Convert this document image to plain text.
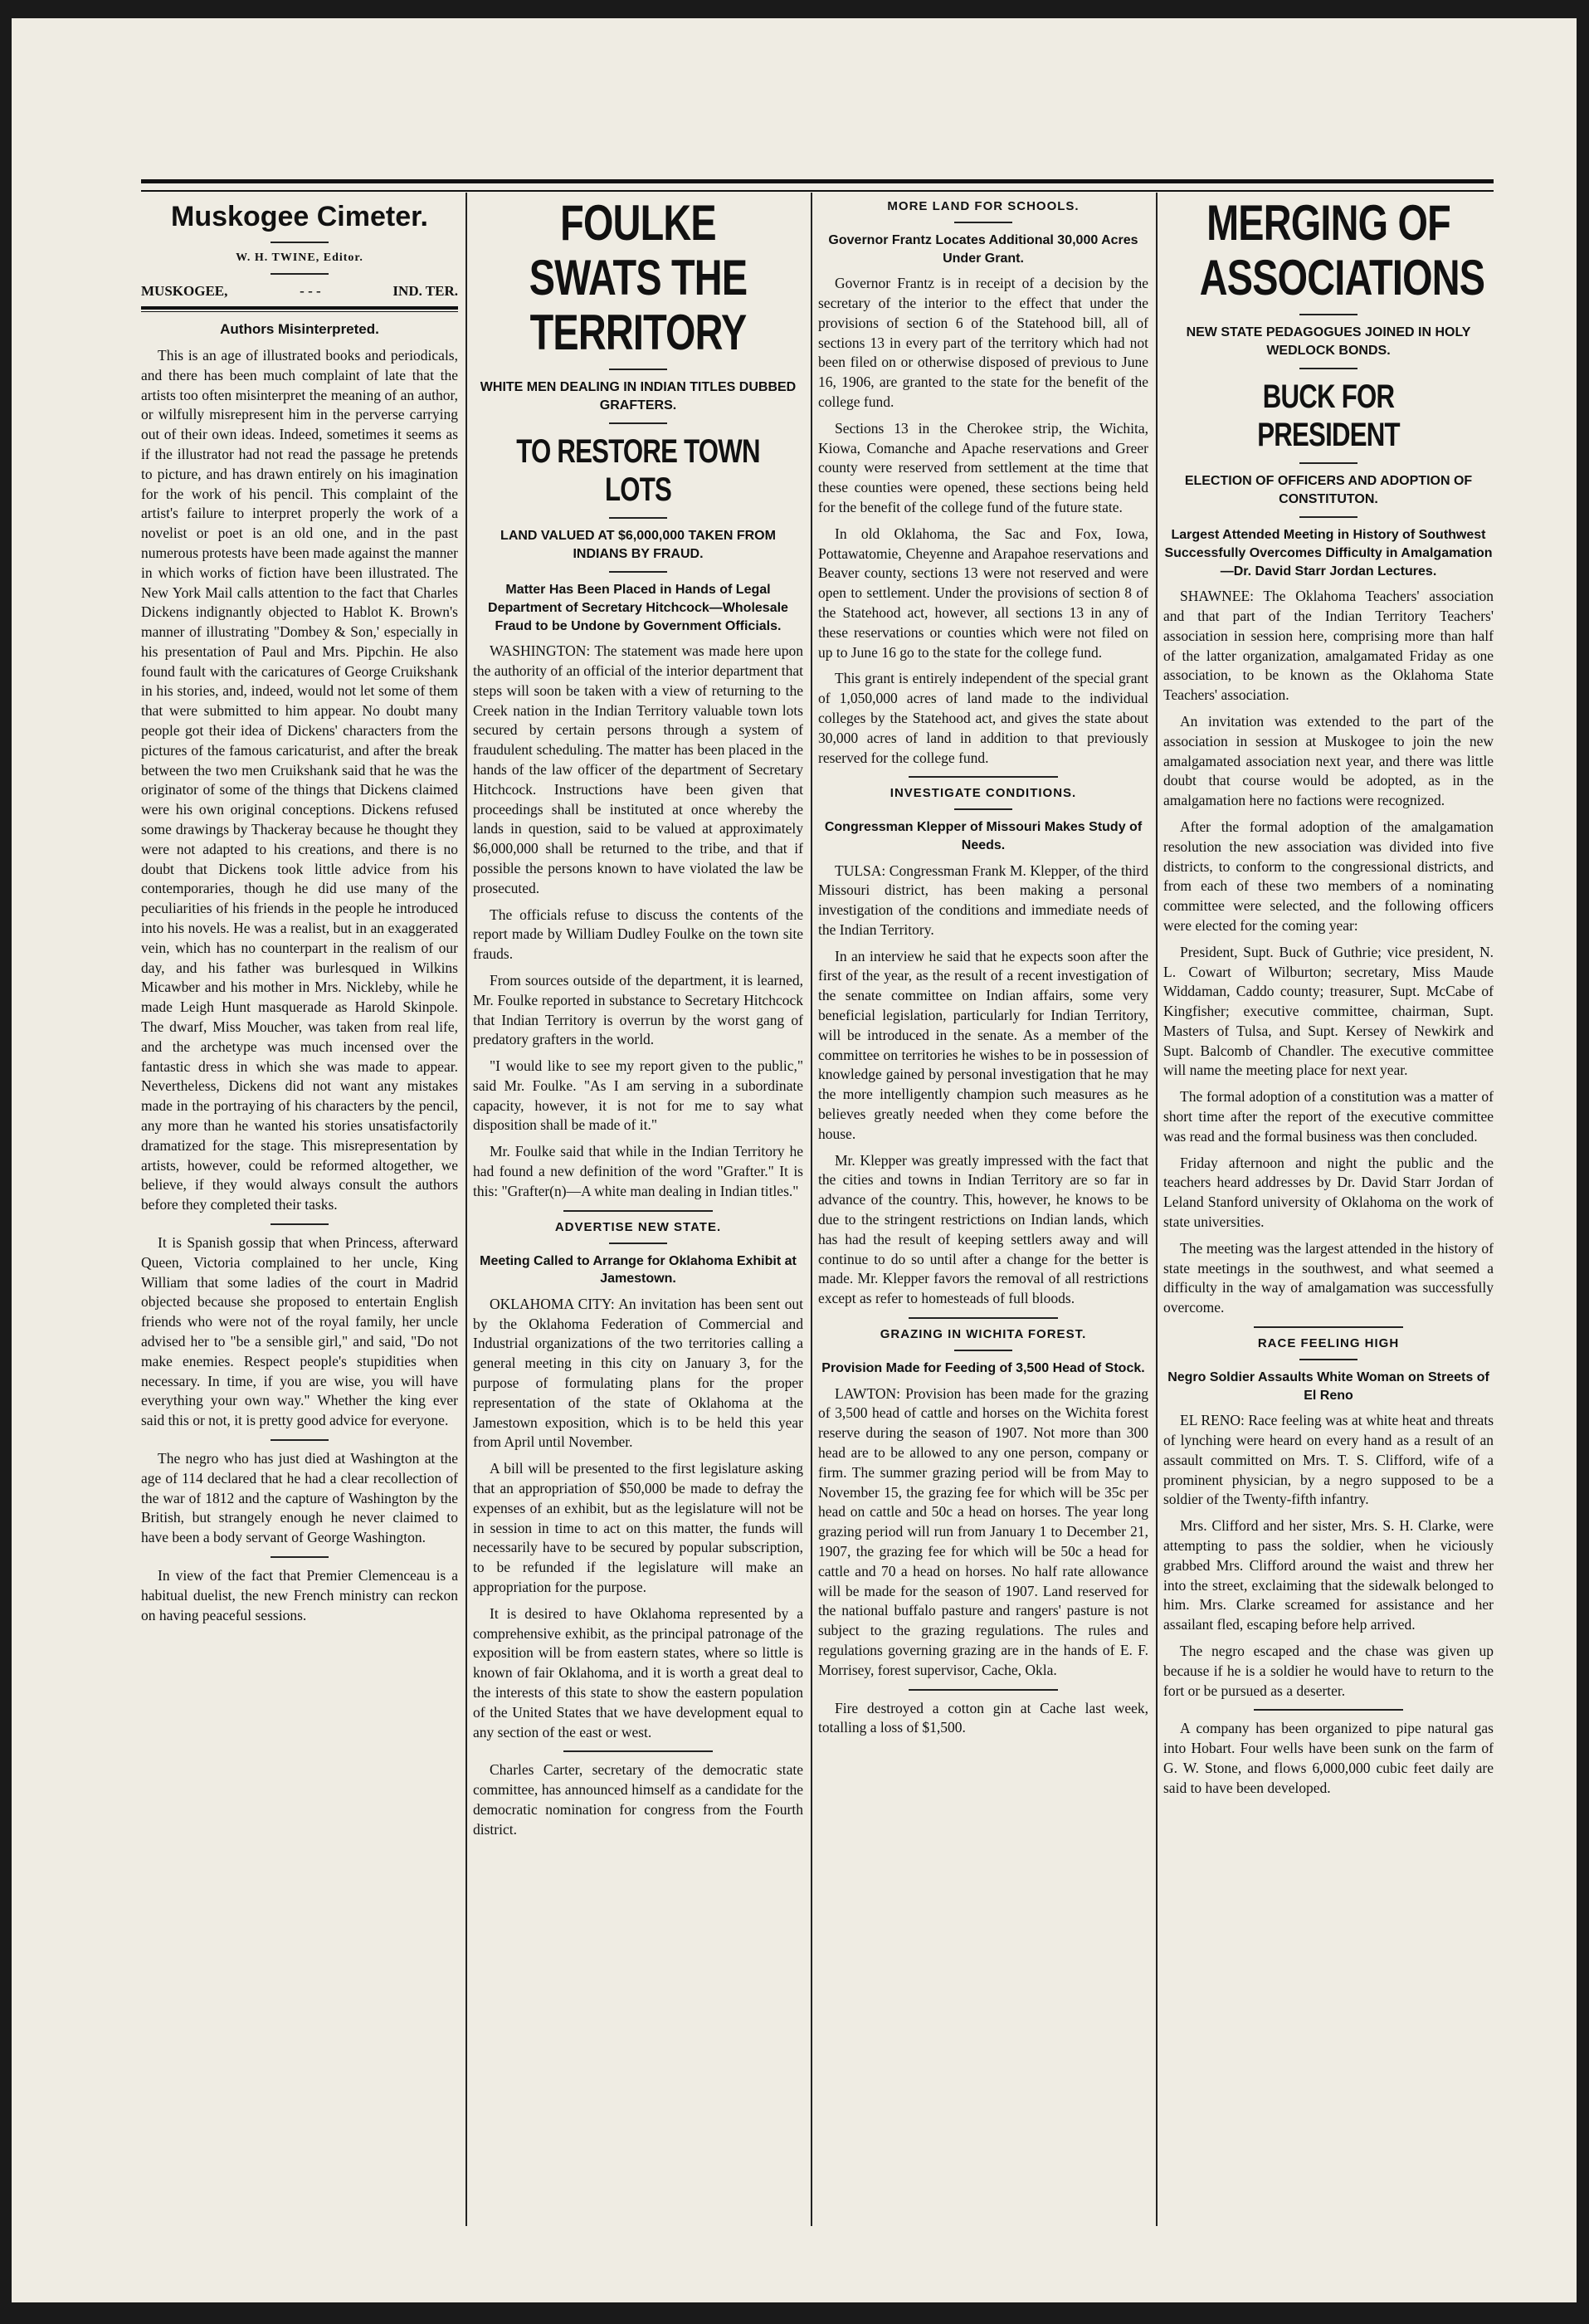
Muskogee Cimeter.
W. H. TWINE, Editor.
MUSKOGEE,	- - -	IND. TER.
Authors Misinterpreted.

This is an age of illustrated books and periodicals, and there has been much complaint of late that the artists too often misinterpret the meaning of an author, or wilfully misrepresent him in the perverse carrying out of their own ideas. Indeed, sometimes it seems as if the illustrator had not read the passage he pretends to picture, and has drawn entirely on his imagination for the work of his pencil. This complaint of the artist's failure to interpret properly the work of a novelist or poet is an old one, and in the past numerous protests have been made against the manner in which works of fiction have been illustrated. The New York Mail calls attention to the fact that Charles Dickens indignantly objected to Hablot K. Brown's manner of illustrating "Dombey & Son,' especially in his presentation of Paul and Mrs. Pipchin. He also found fault with the caricatures of George Cruikshank in his stories, and, indeed, would not let some of them that were submitted to him appear. No doubt many people got their idea of Dickens' characters from the pictures of the famous caricaturist, and after the break between the two men Cruikshank said that he was the originator of some of the things that Dickens claimed were his own original conceptions. Dickens refused some drawings by Thackeray because he thought they were not adapted to his creations, and there is no doubt that Dickens took little advice from his contemporaries, though he did use many of the peculiarities of his friends in the people he introduced into his novels. He was a realist, but in an exaggerated vein, which has no counterpart in the realism of our day, and his father was burlesqued in Wilkins Micawber and his mother in Mrs. Nickleby, while he made Leigh Hunt masquerade as Harold Skinpole. The dwarf, Miss Moucher, was taken from real life, and the archetype was much incensed over the fantastic dress in which she was made to appear. Nevertheless, Dickens did not want any mistakes made in the portraying of his characters by the pencil, any more than he wanted his stories unsatisfactorily dramatized for the stage. This misrepresentation by artists, however, could be reformed altogether, we believe, if they would always consult the authors before they completed their tasks.

It is Spanish gossip that when Princess, afterward Queen, Victoria complained to her uncle, King William that some ladies of the court in Madrid objected because she proposed to entertain English friends who were not of the royal family, her uncle advised her to "be a sensible girl," and said, "Do not make enemies. Respect people's stupidities when necessary. In time, if you are wise, you will have everything your own way." Whether the king ever said this or not, it is pretty good advice for everyone.

The negro who has just died at Washington at the age of 114 declared that he had a clear recollection of the war of 1812 and the capture of Washington by the British, but strangely enough he never claimed to have been a body servant of George Washington.

In view of the fact that Premier Clemenceau is a habitual duelist, the new French ministry can reckon on having peaceful sessions.

FOULKE SWATS THE TERRITORY
WHITE MEN DEALING IN INDIAN TITLES DUBBED GRAFTERS.
TO RESTORE TOWN LOTS
LAND VALUED AT $6,000,000 TAKEN FROM INDIANS BY FRAUD.
Matter Has Been Placed in Hands of Legal Department of Secretary Hitchcock—Wholesale Fraud to be Undone by Government Officials.

WASHINGTON: The statement was made here upon the authority of an official of the interior department that steps will soon be taken with a view of returning to the Creek nation in the Indian Territory valuable town lots secured by certain persons through a system of fraudulent scheduling. The matter has been placed in the hands of the law officer of the department of Secretary Hitchcock. Instructions have been given that proceedings shall be instituted at once whereby the lands in question, said to be valued at approximately $6,000,000 shall be returned to the tribe, and that if possible the persons known to have violated the law be prosecuted.

The officials refuse to discuss the contents of the report made by William Dudley Foulke on the town site frauds.

From sources outside of the department, it is learned, Mr. Foulke reported in substance to Secretary Hitchcock that Indian Territory is overrun by the worst gang of predatory grafters in the world.

"I would like to see my report given to the public," said Mr. Foulke. "As I am serving in a subordinate capacity, however, it is not for me to say what disposition shall be made of it."

Mr. Foulke said that while in the Indian Territory he had found a new definition of the word "Grafter." It is this: "Grafter(n)—A white man dealing in Indian titles."

ADVERTISE NEW STATE.
Meeting Called to Arrange for Oklahoma Exhibit at Jamestown.

OKLAHOMA CITY: An invitation has been sent out by the Oklahoma Federation of Commercial and Industrial organizations of the two territories calling a general meeting in this city on January 3, for the purpose of formulating plans for the proper representation of the state of Oklahoma at the Jamestown exposition, which is to be held this year from April until November.

A bill will be presented to the first legislature asking that an appropriation of $50,000 be made to defray the expenses of an exhibit, but as the legislature will not be in session in time to act on this matter, the funds will necessarily have to be secured by popular subscription, to be refunded if the legislature will make an appropriation for the purpose.

It is desired to have Oklahoma represented by a comprehensive exhibit, as the principal patronage of the exposition will be from eastern states, where so little is known of fair Oklahoma, and it is worth a great deal to the interests of this state to show the eastern population of the United States that we have development equal to any section of the east or west.

Charles Carter, secretary of the democratic state committee, has announced himself as a candidate for the democratic nomination for congress from the Fourth district.

MORE LAND FOR SCHOOLS.
Governor Frantz Locates Additional 30,000 Acres Under Grant.

Governor Frantz is in receipt of a decision by the secretary of the interior to the effect that under the provisions of section 6 of the Statehood bill, all of sections 13 in every part of the territory which had not been filed on or otherwise disposed of previous to June 16, 1906, are granted to the state for the benefit of the college fund.

Sections 13 in the Cherokee strip, the Wichita, Kiowa, Comanche and Apache reservations and Greer county were reserved from settlement at the time that these counties were opened, these sections being held for the benefit of the college fund of the future state.

In old Oklahoma, the Sac and Fox, Iowa, Pottawatomie, Cheyenne and Arapahoe reservations and Beaver county, sections 13 were not reserved and were open to settlement. Under the provisions of section 8 of the Statehood act, however, all sections 13 in any of these reservations or counties which were not filed on up to June 16 go to the state for the college fund.

This grant is entirely independent of the special grant of 1,050,000 acres of land made to the individual colleges by the Statehood act, and gives the state about 30,000 acres of land in addition to that previously reserved for the college fund.

INVESTIGATE CONDITIONS.
Congressman Klepper of Missouri Makes Study of Needs.

TULSA: Congressman Frank M. Klepper, of the third Missouri district, has been making a personal investigation of the conditions and immediate needs of the Indian Territory.

In an interview he said that he expects soon after the first of the year, as the result of a recent investigation of the senate committee on Indian affairs, some very beneficial legislation, particularly for Indian Territory, will be introduced in the senate. As a member of the committee on territories he wishes to be in possession of knowledge gained by personal investigation that he may the more intelligently champion such measures as he believes greatly needed when they come before the house.

Mr. Klepper was greatly impressed with the fact that the cities and towns in Indian Territory are so far in advance of the country. This, however, he knows to be due to the stringent restrictions on Indian lands, which has had the result of keeping settlers away and will continue to do so until after a change for the better is made. Mr. Klepper favors the removal of all restrictions except as refer to homesteads of full bloods.

GRAZING IN WICHITA FOREST.
Provision Made for Feeding of 3,500 Head of Stock.

LAWTON: Provision has been made for the grazing of 3,500 head of cattle and horses on the Wichita forest reserve during the season of 1907. Not more than 300 head are to be allowed to any one person, company or firm. The summer grazing period will be from May to November 15, the grazing fee for which will be 35c per head on cattle and 50c a head on horses. The year long grazing period will run from January 1 to December 21, 1907, the grazing fee for which will be 50c a head for cattle and 70 a head on horses. No half rate allowance will be made for the season of 1907. Land reserved for the national buffalo pasture and rangers' pasture is not subject to the grazing regulations. The rules and regulations governing grazing are in the hands of E. F. Morrisey, forest supervisor, Cache, Okla.

Fire destroyed a cotton gin at Cache last week, totalling a loss of $1,500.

MERGING OF ASSOCIATIONS
NEW STATE PEDAGOGUES JOINED IN HOLY WEDLOCK BONDS.
BUCK FOR PRESIDENT
ELECTION OF OFFICERS AND ADOPTION OF CONSTITUTON.
Largest Attended Meeting in History of Southwest Successfully Overcomes Difficulty in Amalgamation—Dr. David Starr Jordan Lectures.

SHAWNEE: The Oklahoma Teachers' association and that part of the Indian Territory Teachers' association in session here, comprising more than half of the latter organization, amalgamated Friday as one association, to be known as the Oklahoma State Teachers' association.

An invitation was extended to the part of the association in session at Muskogee to join the new amalgamated association next year, and there was little doubt that course would be adopted, as in the amalgamation here no factions were recognized.

After the formal adoption of the amalgamation resolution the new association was divided into five districts, to conform to the congressional districts, and from each of these two members of a nominating committee were selected, and the following officers were elected for the coming year:

President, Supt. Buck of Guthrie; vice president, N. L. Cowart of Wilburton; secretary, Miss Maude Widdaman, Caddo county; treasurer, Supt. McCabe of Kingfisher; executive committee, chairman, Supt. Masters of Tulsa, and Supt. Kersey of Newkirk and Supt. Balcomb of Chandler. The executive committee will name the meeting place for next year.

The formal adoption of a constitution was a matter of short time after the report of the executive committee was read and the formal business was then concluded.

Friday afternoon and night the public and the teachers heard addresses by Dr. David Starr Jordan of Leland Stanford university of Oklahoma on the work of state universities.

The meeting was the largest attended in the history of state meetings in the southwest, and what seemed a difficulty in the way of amalgamation was successfully overcome.

RACE FEELING HIGH
Negro Soldier Assaults White Woman on Streets of El Reno

EL RENO: Race feeling was at white heat and threats of lynching were heard on every hand as a result of an assault committed on Mrs. T. S. Clifford, wife of a prominent physician, by a negro supposed to be a soldier of the Twenty-fifth infantry.

Mrs. Clifford and her sister, Mrs. S. H. Clarke, were attempting to pass the soldier, when he viciously grabbed Mrs. Clifford around the waist and threw her into the street, exclaiming that the sidewalk belonged to him. Mrs. Clarke screamed for assistance and her assailant fled, escaping before help arrived.

The negro escaped and the chase was given up because if he is a soldier he would have to return to the fort or be pursued as a deserter.

A company has been organized to pipe natural gas into Hobart. Four wells have been sunk on the farm of G. W. Stone, and flows 6,000,000 cubic feet daily are said to have been developed.
